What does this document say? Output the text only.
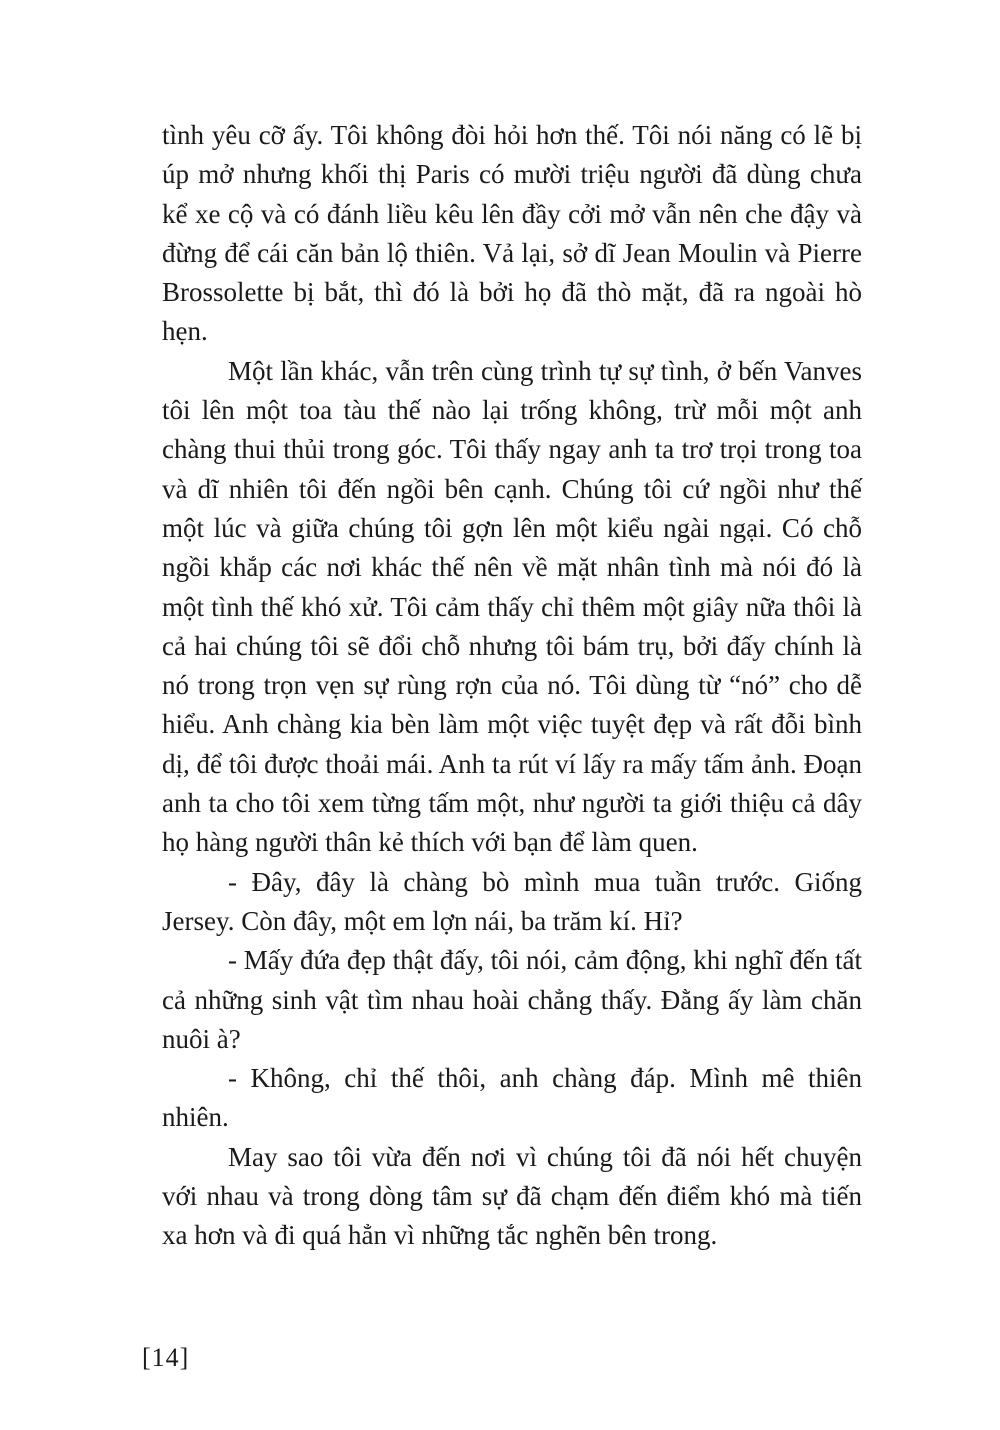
tình yêu cỡ ấy. Tôi không đòi hỏi hơn thế. Tôi nói năng có lẽ bị úp mở nhưng khối thị Paris có mười triệu người đã dùng chưa kể xe cộ và có đánh liều kêu lên đầy cởi mở vẫn nên che đậy và đừng để cái căn bản lộ thiên. Vả lại, sở dĩ Jean Moulin và Pierre Brossolette bị bắt, thì đó là bởi họ đã thò mặt, đã ra ngoài hò hẹn.

Một lần khác, vẫn trên cùng trình tự sự tình, ở bến Vanves tôi lên một toa tàu thế nào lại trống không, trừ mỗi một anh chàng thui thủi trong góc. Tôi thấy ngay anh ta trơ trọi trong toa và dĩ nhiên tôi đến ngồi bên cạnh. Chúng tôi cứ ngồi như thế một lúc và giữa chúng tôi gợn lên một kiểu ngài ngại. Có chỗ ngồi khắp các nơi khác thế nên về mặt nhân tình mà nói đó là một tình thế khó xử. Tôi cảm thấy chỉ thêm một giây nữa thôi là cả hai chúng tôi sẽ đổi chỗ nhưng tôi bám trụ, bởi đấy chính là nó trong trọn vẹn sự rùng rợn của nó. Tôi dùng từ “nó” cho dễ hiểu. Anh chàng kia bèn làm một việc tuyệt đẹp và rất đỗi bình dị, để tôi được thoải mái. Anh ta rút ví lấy ra mấy tấm ảnh. Đoạn anh ta cho tôi xem từng tấm một, như người ta giới thiệu cả dây họ hàng người thân kẻ thích với bạn để làm quen.

- Đây, đây là chàng bò mình mua tuần trước. Giống Jersey. Còn đây, một em lợn nái, ba trăm kí. Hỉ?

- Mấy đứa đẹp thật đấy, tôi nói, cảm động, khi nghĩ đến tất cả những sinh vật tìm nhau hoài chẳng thấy. Đằng ấy làm chăn nuôi à?

- Không, chỉ thế thôi, anh chàng đáp. Mình mê thiên nhiên.

May sao tôi vừa đến nơi vì chúng tôi đã nói hết chuyện với nhau và trong dòng tâm sự đã chạm đến điểm khó mà tiến xa hơn và đi quá hẳn vì những tắc nghẽn bên trong.

[14]
